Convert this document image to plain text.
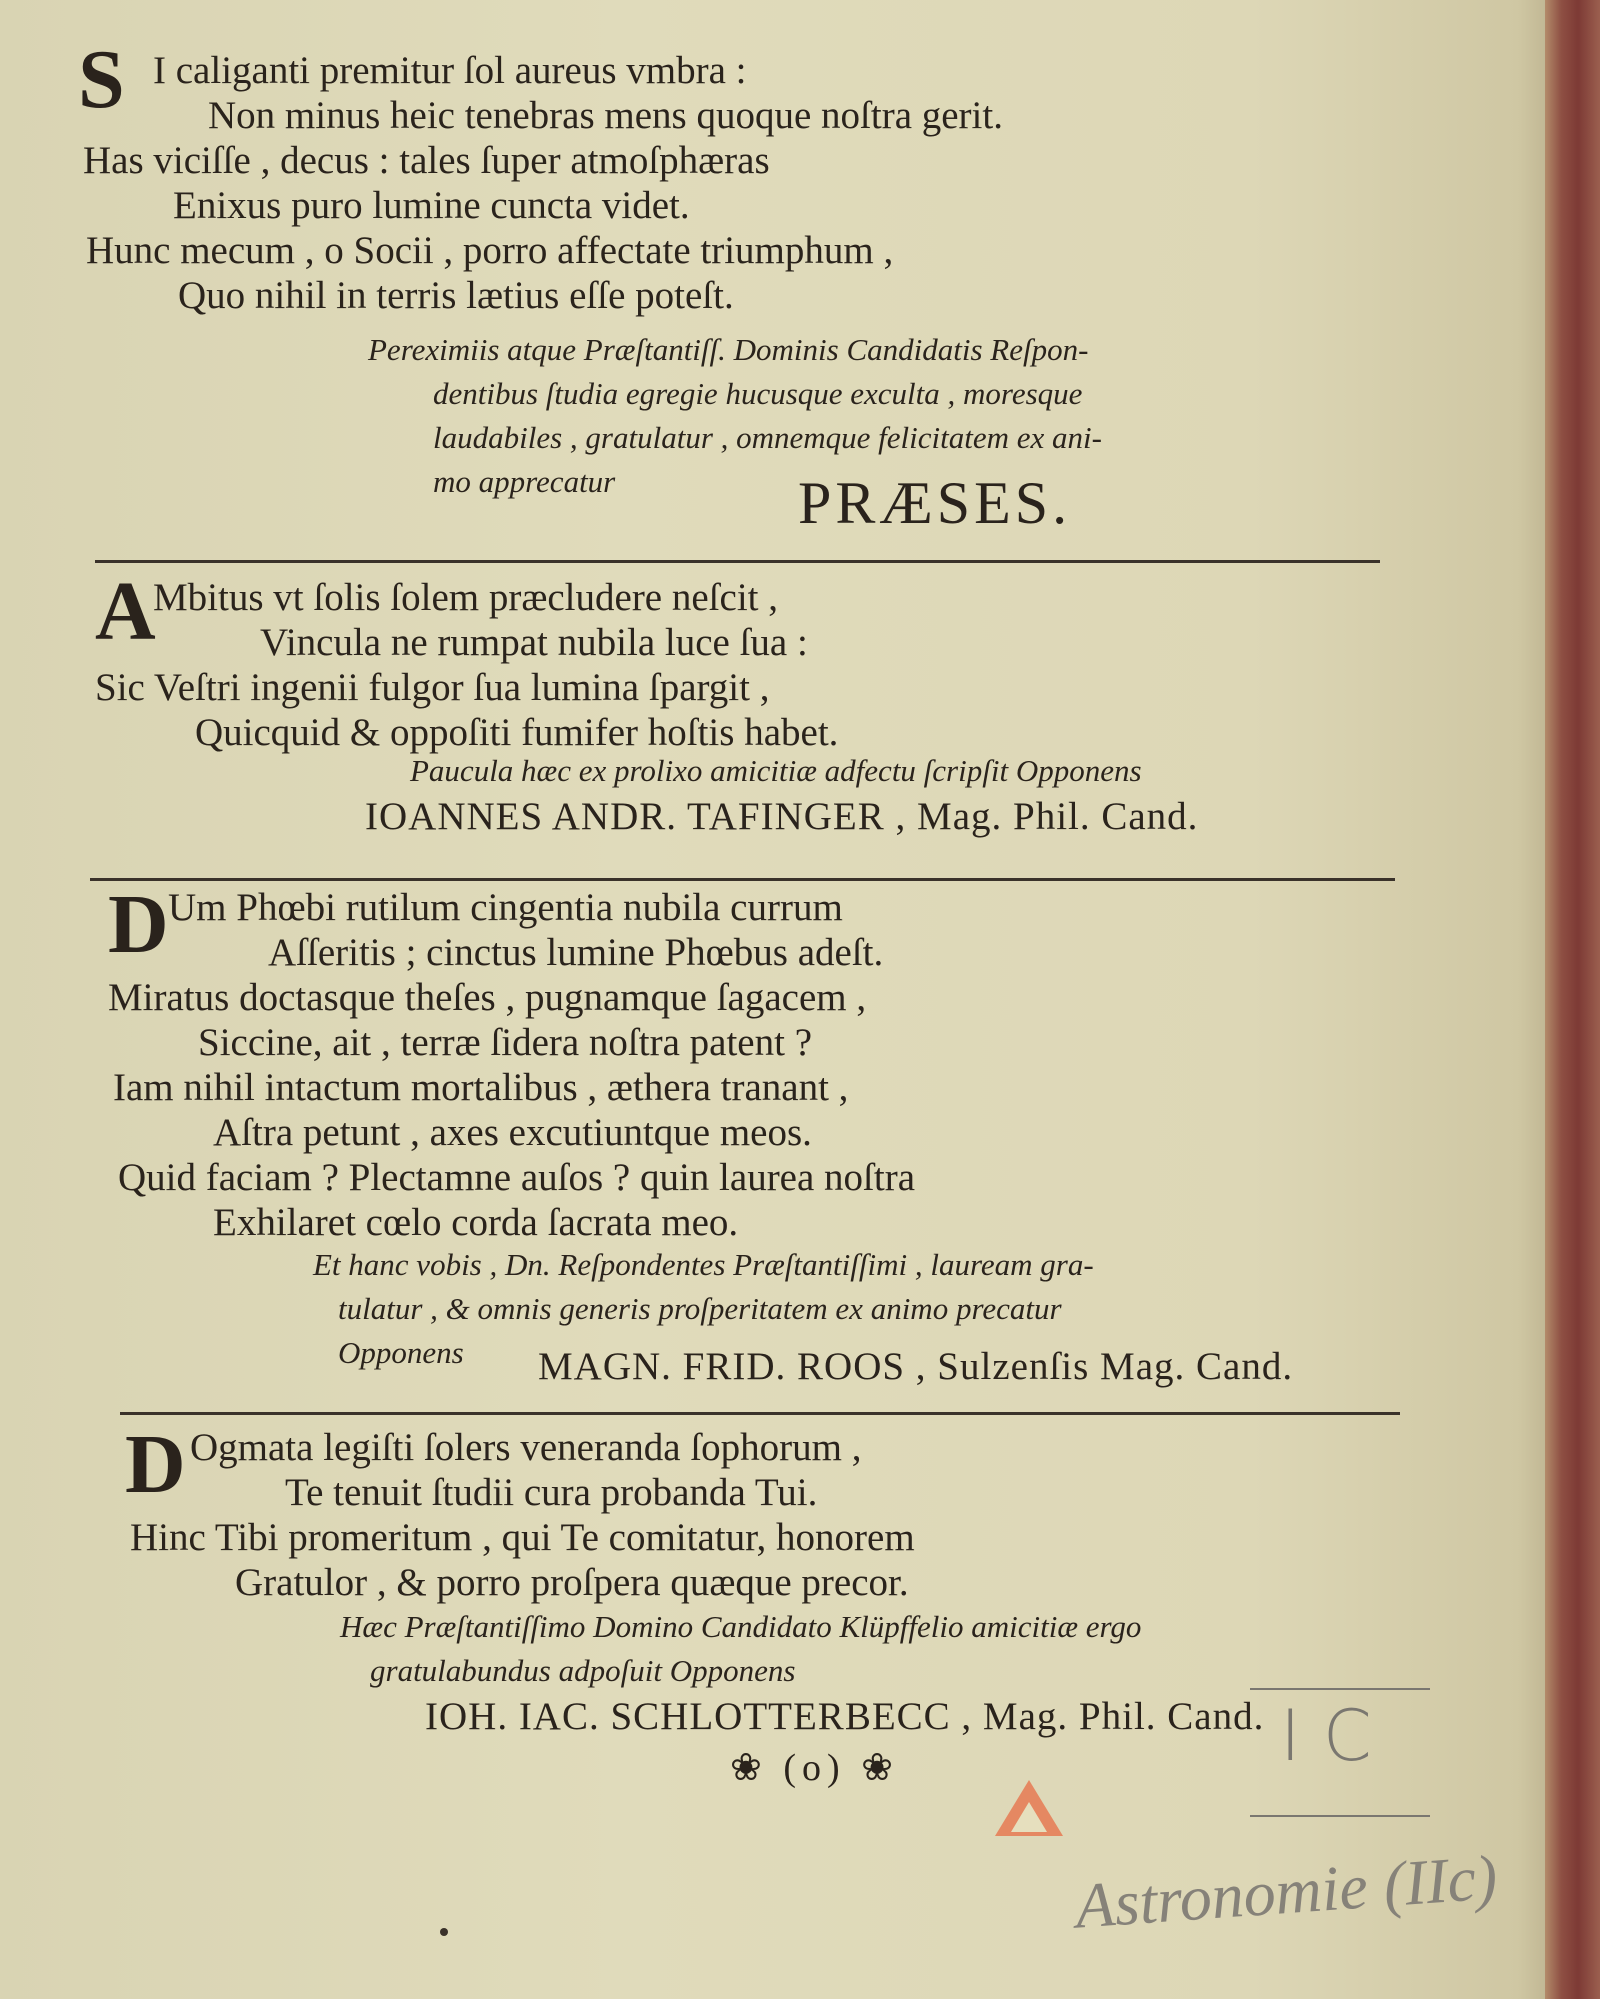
S I caliganti premitur ſol aureus vmbra :
Non minus heic tenebras mens quoque noſtra gerit.
Has viciſſe , decus : tales ſuper atmoſphæras
Enixus puro lumine cuncta videt.
Hunc mecum , o Socii , porro affectate triumphum ,
Quo nihil in terris lætius eſſe poteſt.
Pereximiis atque Præſtantiſſ. Dominis Candidatis Reſpon-
dentibus ſtudia egregie hucusque exculta , moresque
laudabiles , gratulatur , omnemque felicitatem ex ani-
mo apprecatur	PRÆSES.
A
Mbitus vt ſolis ſolem præcludere neſcit ,
Vincula ne rumpat nubila luce ſua :
Sic Veſtri ingenii fulgor ſua lumina ſpargit ,
Quicquid & oppoſiti fumifer hoſtis habet.
Paucula hæc ex prolixo amicitiæ adfectu ſcripſit Opponens
IOANNES ANDR. TAFINGER , Mag. Phil. Cand.
D Um Phœbi rutilum cingentia nubila currum
Aſſeritis ; cinctus lumine Phœbus adeſt.
Miratus doctasque theſes , pugnamque ſagacem ,
Siccine, ait , terræ ſidera noſtra patent ?
Iam nihil intactum mortalibus , æthera tranant ,
Aſtra petunt , axes excutiuntque meos.
Quid faciam ? Plectamne auſos ? quin laurea noſtra
Exhilaret cœlo corda ſacrata meo.
Et hanc vobis , Dn. Reſpondentes Præſtantiſſimi , lauream gra-
tulatur , & omnis generis proſperitatem ex animo precatur
Opponens	MAGN. FRID. ROOS , Sulzenſis Mag. Cand.
D Ogmata legiſti ſolers veneranda ſophorum ,
Te tenuit ſtudii cura probanda Tui.
Hinc Tibi promeritum , qui Te comitatur, honorem
Gratulor , & porro proſpera quæque precor.
Hæc Præſtantiſſimo Domino Candidato Klüpffelio amicitiæ ergo
gratulabundus adpoſuit Opponens
IOH. IAC. SCHLOTTERBECC , Mag. Phil. Cand.
❀ (o) ❀	I C
Astronomie (IIc)
